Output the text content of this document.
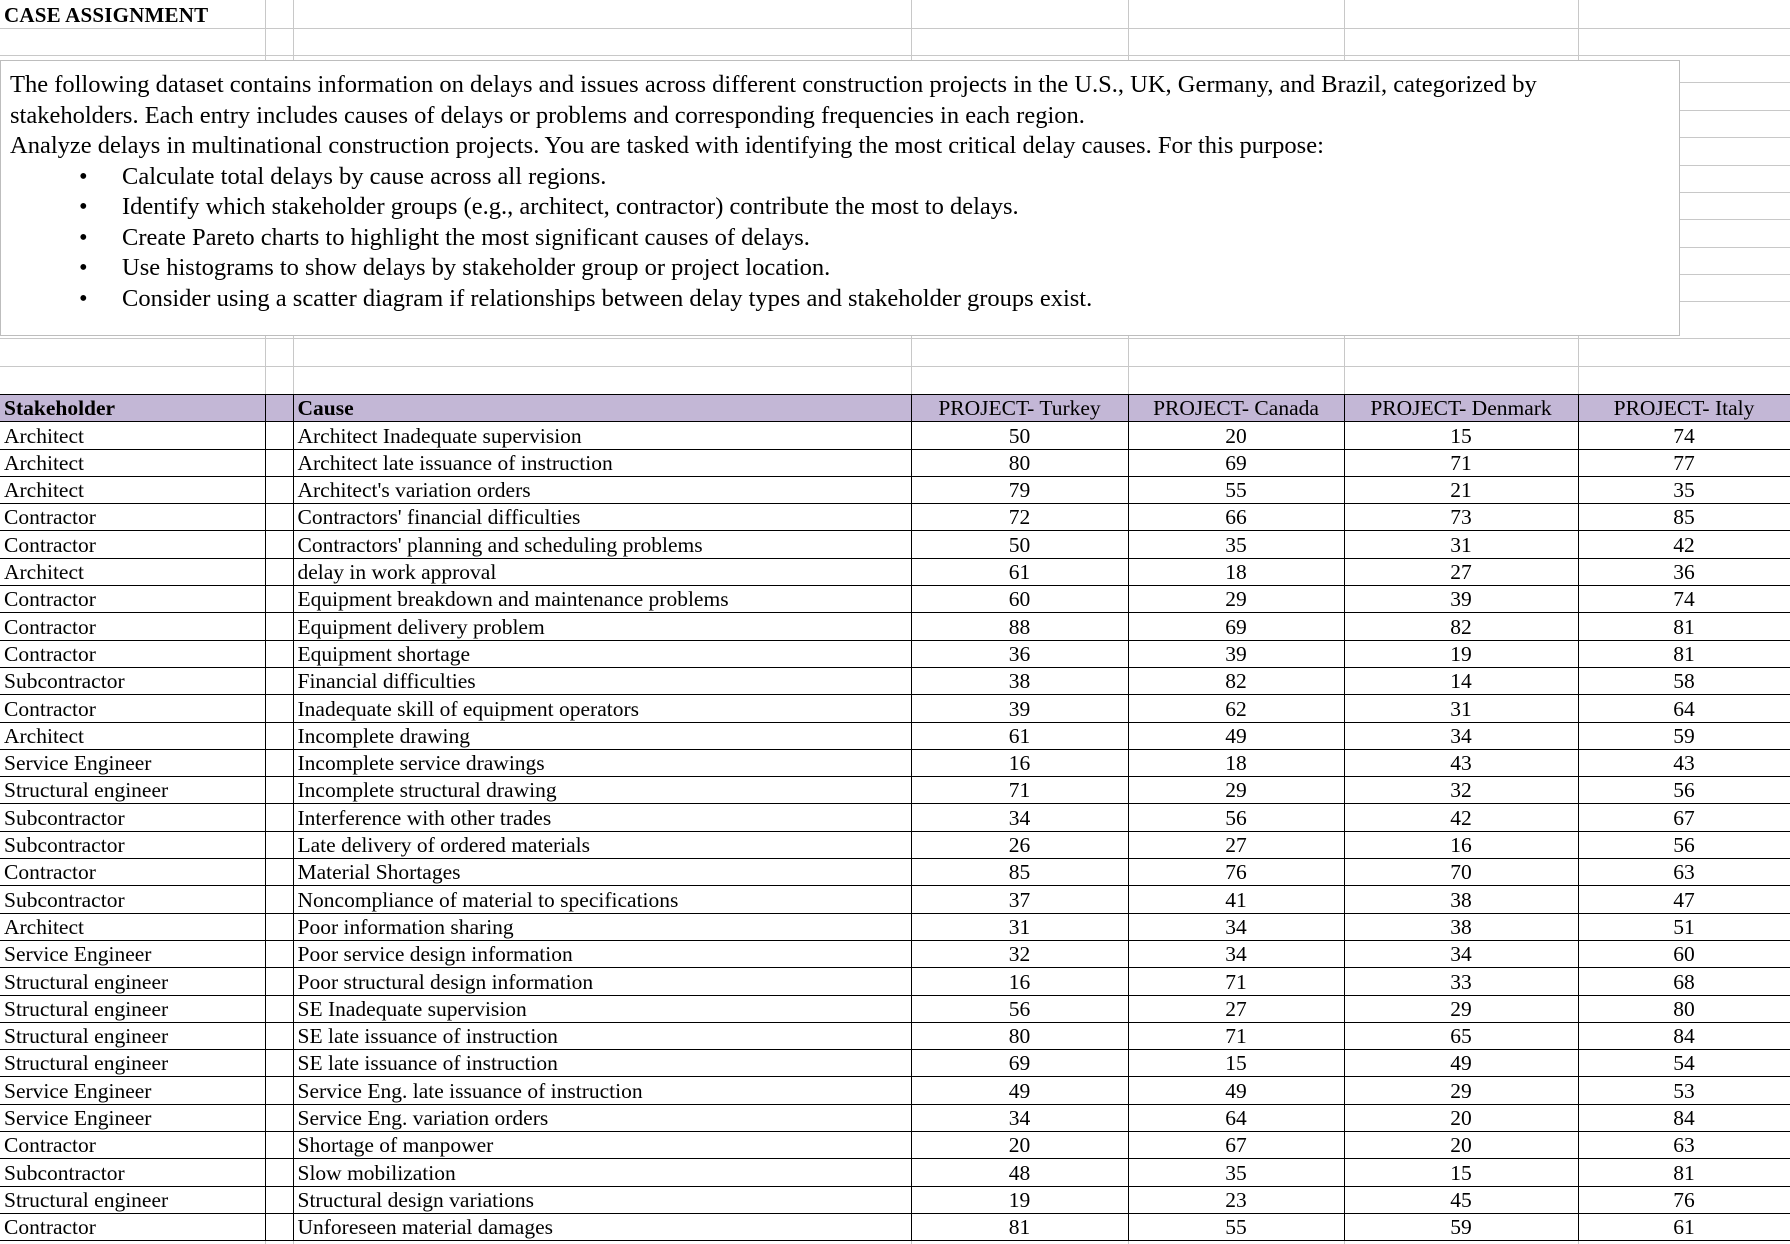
CASE ASSIGNMENT

The following dataset contains information on delays and issues across different construction projects in the U.S., UK, Germany, and Brazil, categorized by stakeholders. Each entry includes causes of delays or problems and corresponding frequencies in each region.

Analyze delays in multinational construction projects. You are tasked with identifying the most critical delay causes. For this purpose:

• Calculate total delays by cause across all regions.
• Identify which stakeholder groups (e.g., architect, contractor) contribute the most to delays.
• Create Pareto charts to highlight the most significant causes of delays.
• Use histograms to show delays by stakeholder group or project location.
• Consider using a scatter diagram if relationships between delay types and stakeholder groups exist.
Stakeholder		Cause	PROJECT- Turkey	PROJECT- Canada	PROJECT- Denmark	PROJECT- Italy
Architect		Architect Inadequate supervision	50	20	15	74
Architect		Architect late issuance of instruction	80	69	71	77
Architect		Architect's variation orders	79	55	21	35
Contractor		Contractors' financial difficulties	72	66	73	85
Contractor		Contractors' planning and scheduling problems	50	35	31	42
Architect		delay in work approval	61	18	27	36
Contractor		Equipment breakdown and maintenance problems	60	29	39	74
Contractor		Equipment delivery problem	88	69	82	81
Contractor		Equipment shortage	36	39	19	81
Subcontractor		Financial difficulties	38	82	14	58
Contractor		Inadequate skill of equipment operators	39	62	31	64
Architect		Incomplete drawing	61	49	34	59
Service Engineer		Incomplete service drawings	16	18	43	43
Structural engineer		Incomplete structural drawing	71	29	32	56
Subcontractor		Interference with other trades	34	56	42	67
Subcontractor		Late delivery of ordered materials	26	27	16	56
Contractor		Material Shortages	85	76	70	63
Subcontractor		Noncompliance of material to specifications	37	41	38	47
Architect		Poor information sharing	31	34	38	51
Service Engineer		Poor service design information	32	34	34	60
Structural engineer		Poor structural design information	16	71	33	68
Structural engineer		SE Inadequate supervision	56	27	29	80
Structural engineer		SE late issuance of instruction	80	71	65	84
Structural engineer		SE late issuance of instruction	69	15	49	54
Service Engineer		Service Eng. late issuance of instruction	49	49	29	53
Service Engineer		Service Eng. variation orders	34	64	20	84
Contractor		Shortage of manpower	20	67	20	63
Subcontractor		Slow mobilization	48	35	15	81
Structural engineer		Structural design variations	19	23	45	76
Contractor		Unforeseen material damages	81	55	59	61
